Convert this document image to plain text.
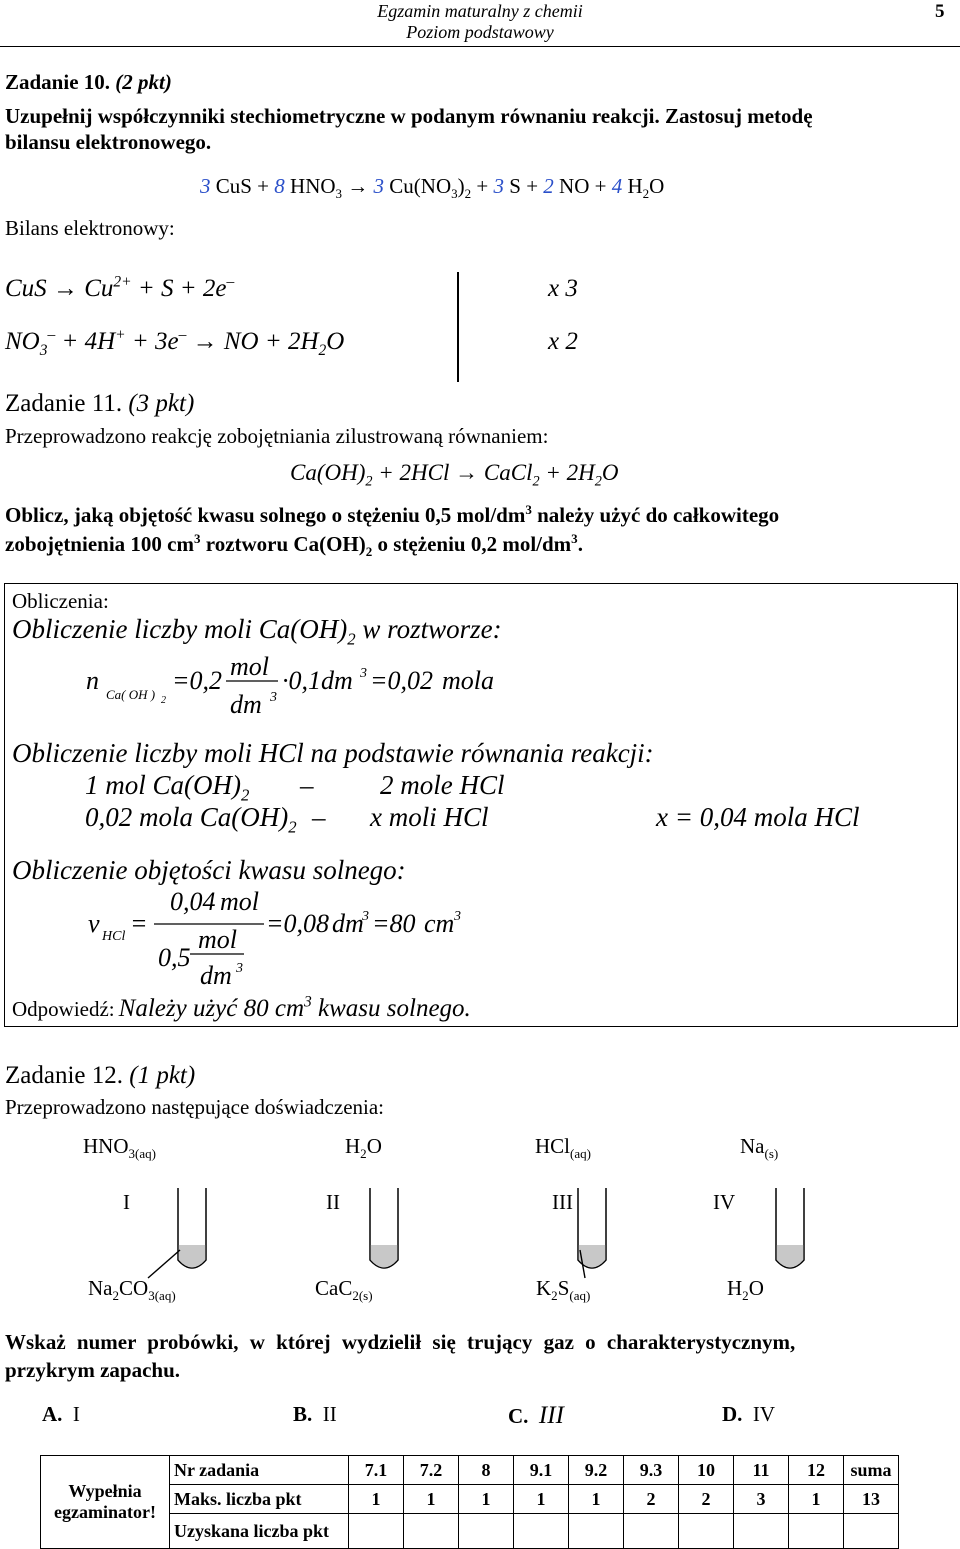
Egzamin maturalny z chemii
Poziom podstawowy
5
Zadanie 10. (2 pkt)
Uzupełnij współczynniki stechiometryczne w podanym równaniu reakcji. Zastosuj metodę
bilansu elektronowego.
3 CuS + 8 $HNO_3 \to 3$ $Cu(NO_3)_2 + 3$ S + 2 NO + 4 $H_2O$
Bilans elektronowy:
CuS → $Cu^{2+} + S + 2e^-$
$NO_3^- + 4H^+ + 3e^-$ → NO + $2H_2O$
x 3
x 2
Zadanie 11. (3 pkt)
Przeprowadzono reakcję zobojętniania zilustrowaną równaniem:
$Ca(OH)_2 + 2HCl$ → CaCl$_2$ + $2H_2O$
Oblicz, jaką objętość kwasu solnego o stężeniu 0,5 mol/$dm^3$ należy użyć do całkowitego
zobojętnienia 100 $cm^3$ roztworu $Ca(OH)_2$ o stężeniu 0,2 mol/$dm^3$.
Obliczenia:
Obliczenie liczby moli $Ca(OH)_2$ w roztworze:
n Ca( OH ) 2
=0,2 mol
dm 3
·0,1dm 3 =0,02 mola
Obliczenie liczby moli HCl na podstawie równania reakcji:
1 mol $Ca(OH)_2 - 2$ mole HCl
0,02 mola $Ca(OH)_2$ – x moli HCl	x = 0,04 mola HCl
Obliczenie objętości kwasu solnego:
v HCl =
0,04 mol
mol
0,5
dm 3
=0,08 dm
3 =80 cm 3
Odpowiedź: Należy użyć 80 $cm^3$ kwasu solnego.
Zadanie 12. (1 pkt)
Przeprowadzono następujące doświadczenia:
$HNO_{3(aq)}$	$H_2O$	HCl$_{(aq)}$	$Na_{(s)}$
I	II	III	IV
$Na_2CO_{3(aq)}$	CaC$_{2(s)}$	$K_2S_{(aq)}$	$H_2O$
Wskaż numer probówki, w której wydzielił się trujący gaz o charakterystycznym,
przykrym zapachu.
A. I	B. II	C. III	D. IV
Wypełnia
egzaminator!	Nr zadania	7.1	7.2	8	9.1	9.2	9.3	10	11	12	suma
	Maks. liczba pkt	1	1	1	1	1	2	2	3	1	13
	Uzyskana liczba pkt										
